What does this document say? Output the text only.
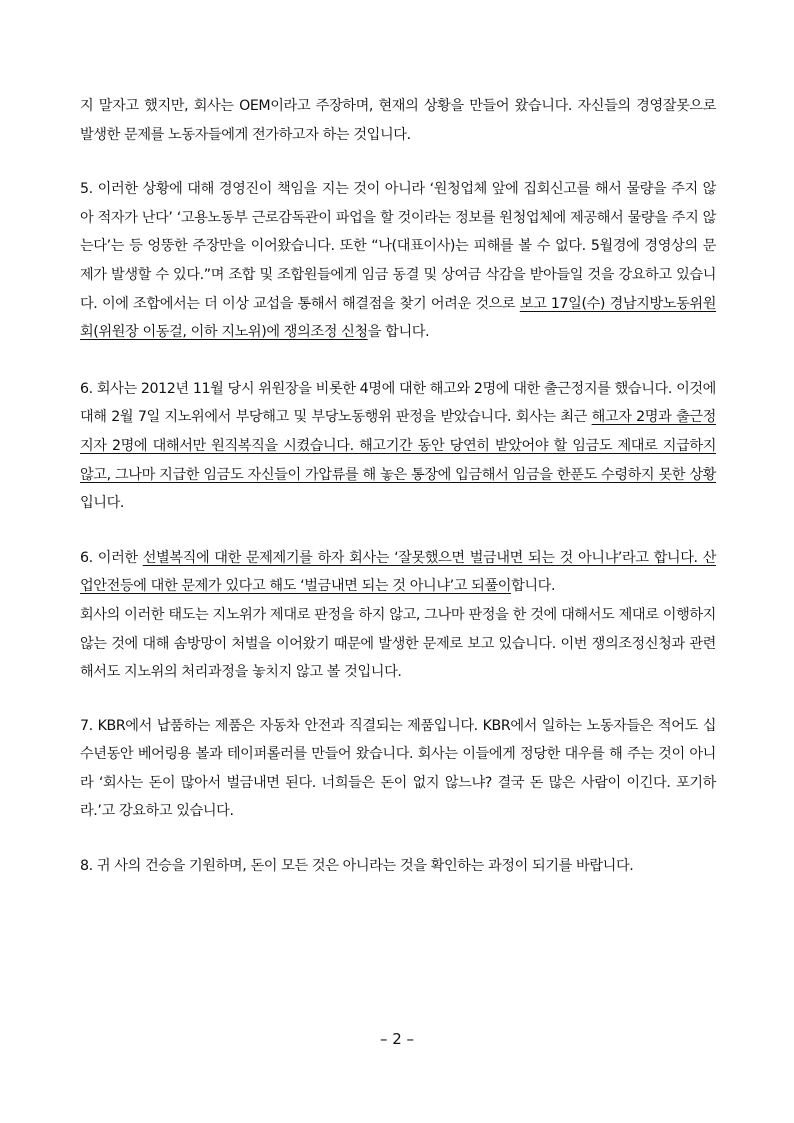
지 말자고 했지만, 회사는 OEM이라고 주장하며, 현재의 상황을 만들어 왔습니다. 자신들의 경영잘못으로 발생한 문제를 노동자들에게 전가하고자 하는 것입니다.

5. 이러한 상황에 대해 경영진이 책임을 지는 것이 아니라 ‘원청업체 앞에 집회신고를 해서 물량을 주지 않아 적자가 난다’ ‘고용노동부 근로감독관이 파업을 할 것이라는 정보를 원청업체에 제공해서 물량을 주지 않는다’는 등 엉뚱한 주장만을 이어왔습니다. 또한 “나(대표이사)는 피해를 볼 수 없다. 5월경에 경영상의 문제가 발생할 수 있다.”며 조합 및 조합원들에게 임금 동결 및 상여금 삭감을 받아들일 것을 강요하고 있습니다. 이에 조합에서는 더 이상 교섭을 통해서 해결점을 찾기 어려운 것으로 보고 17일(수) 경남지방노동위원회(위원장 이동걸, 이하 지노위)에 쟁의조정 신청을 합니다.

6. 회사는 2012년 11월 당시 위원장을 비롯한 4명에 대한 해고와 2명에 대한 출근정지를 했습니다. 이것에 대해 2월 7일 지노위에서 부당해고 및 부당노동행위 판정을 받았습니다. 회사는 최근 해고자 2명과 출근정지자 2명에 대해서만 원직복직을 시켰습니다. 해고기간 동안 당연히 받았어야 할 임금도 제대로 지급하지 않고, 그나마 지급한 임금도 자신들이 가압류를 해 놓은 통장에 입금해서 임금을 한푼도 수령하지 못한 상황입니다.

6. 이러한 선별복직에 대한 문제제기를 하자 회사는 ‘잘못했으면 벌금내면 되는 것 아니냐’라고 합니다. 산업안전등에 대한 문제가 있다고 해도 ‘벌금내면 되는 것 아니냐’고 되풀이합니다.
회사의 이러한 태도는 지노위가 제대로 판정을 하지 않고, 그나마 판정을 한 것에 대해서도 제대로 이행하지 않는 것에 대해 솜방망이 처벌을 이어왔기 때문에 발생한 문제로 보고 있습니다. 이번 쟁의조정신청과 관련해서도 지노위의 처리과정을 놓치지 않고 볼 것입니다.

7. KBR에서 납품하는 제품은 자동차 안전과 직결되는 제품입니다. KBR에서 일하는 노동자들은 적어도 십수년동안 베어링용 볼과 테이퍼롤러를 만들어 왔습니다. 회사는 이들에게 정당한 대우를 해 주는 것이 아니라 ‘회사는 돈이 많아서 벌금내면 된다. 너희들은 돈이 없지 않느냐? 결국 돈 많은 사람이 이긴다. 포기하라.’고 강요하고 있습니다.

8. 귀 사의 건승을 기원하며, 돈이 모든 것은 아니라는 것을 확인하는 과정이 되기를 바랍니다.

– 2 –
